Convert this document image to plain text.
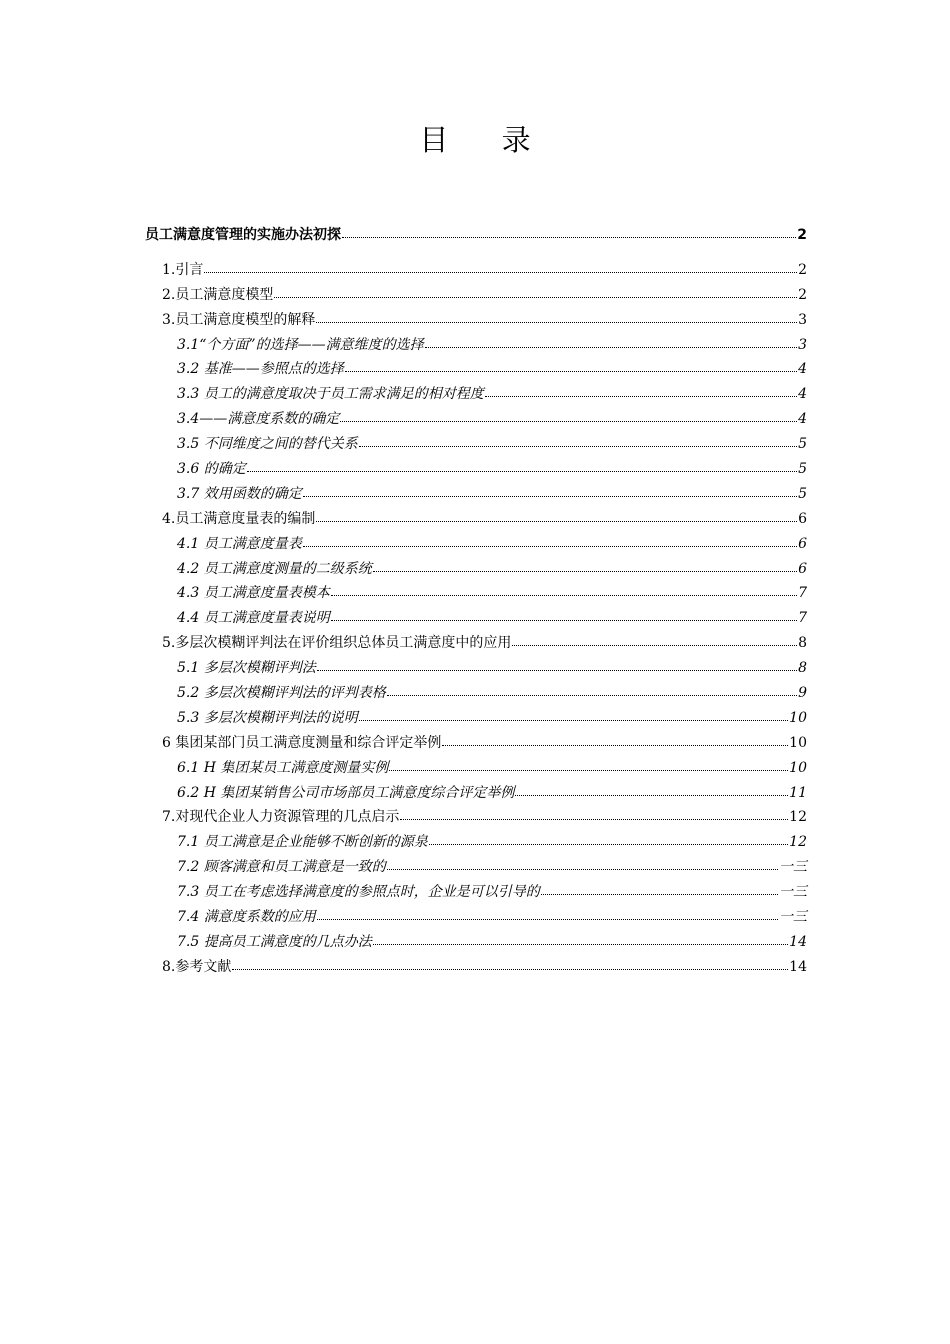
目 录
员工满意度管理的实施办法初探	2
1.引言	2
2.员工满意度模型	2
3.员工满意度模型的解释	3
3.1“个方面”的选择——满意维度的选择	3
3.2 基准——参照点的选择	4
3.3 员工的满意度取决于员工需求满足的相对程度	4
3.4——满意度系数的确定	4
3.5 不同维度之间的替代关系	5
3.6 的确定	5
3.7 效用函数的确定	5
4.员工满意度量表的编制	6
4.1 员工满意度量表	6
4.2 员工满意度测量的二级系统	6
4.3 员工满意度量表模本	7
4.4 员工满意度量表说明	7
5.多层次模糊评判法在评价组织总体员工满意度中的应用	8
5.1 多层次模糊评判法	8
5.2 多层次模糊评判法的评判表格	9
5.3 多层次模糊评判法的说明	10
6 集团某部门员工满意度测量和综合评定举例	10
6.1 H 集团某员工满意度测量实例	10
6.2 H 集团某销售公司市场部员工满意度综合评定举例	11
7.对现代企业人力资源管理的几点启示	12
7.1 员工满意是企业能够不断创新的源泉	12
7.2 顾客满意和员工满意是一致的	一三
7.3 员工在考虑选择满意度的参照点时，企业是可以引导的	一三
7.4 满意度系数的应用	一三
7.5 提高员工满意度的几点办法	14
8.参考文献	14
